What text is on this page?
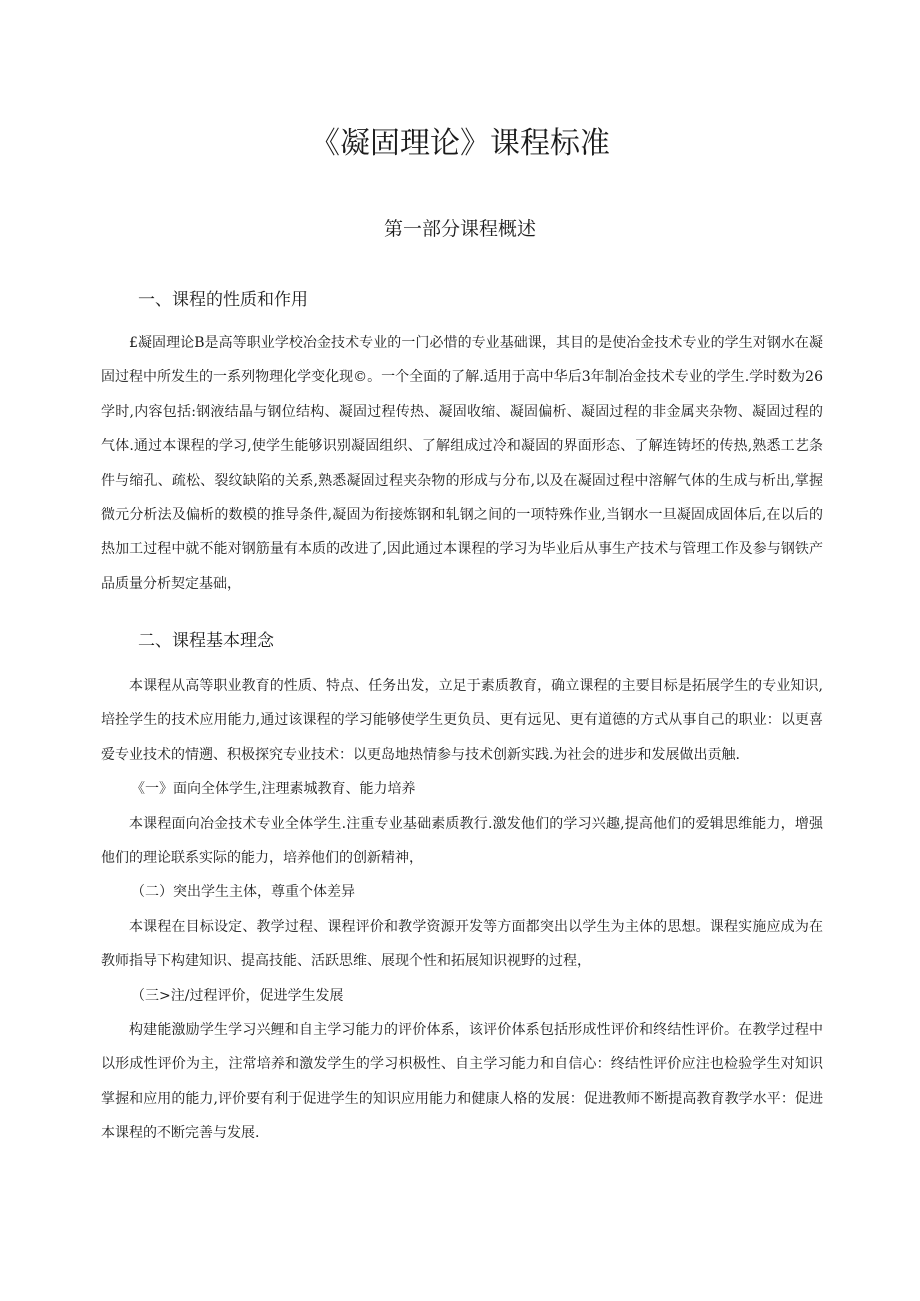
《凝固理论》课程标准
第一部分课程概述
一、课程的性质和作用

£凝固理论B是高等职业学校冶金技术专业的一门必惜的专业基础课，其目的是使冶金技术专业的学生对钢水在凝固过程中所发生的一系列物理化学变化现©。一个全面的了解.适用于高中华后3年制冶金技术专业的学生.学时数为26学时,内容包括:钢液结晶与钢位结构、凝固过程传热、凝固收缩、凝固偏析、凝固过程的非金属夹杂物、凝固过程的气体.通过本课程的学习,使学生能够识别凝固组织、了解组成过冷和凝固的界面形态、了解连铸坯的传热,熟悉工艺条件与缩孔、疏松、裂纹缺陷的关系,熟悉凝固过程夹杂物的形成与分布,以及在凝固过程中溶解气体的生成与析出,掌握微元分析法及偏析的数模的推导条件,凝固为衔接炼钢和轧钢之间的一项特殊作业,当钢水一旦凝固成固体后,在以后的热加工过程中就不能对钢筋量有本质的改进了,因此通过本课程的学习为毕业后从事生产技术与管理工作及参与钢铁产品质量分析契定基础，

二、课程基本理念

本课程从高等职业教育的性质、特点、任务出发，立足于素质教育，确立课程的主要目标是拓展学生的专业知识,培拴学生的技术应用能力,通过该课程的学习能够使学生更负员、更有远见、更有道德的方式从事自己的职业：以更喜爱专业技术的情遡、积极探究专业技术：以更岛地热情参与技术创新实践.为社会的进步和发展做出贡触.

《一》面向全体学生,注理素城教育、能力培养

本课程面向冶金技术专业全体学生.注重专业基础素质教行.激发他们的学习兴趣,提高他们的爱辑思维能力，增强他们的理论联系实际的能力，培养他们的创新精神，

（二）突出学生主体，尊重个体差异

本课程在目标设定、教学过程、课程评价和教学资源开发等方面都突出以学生为主体的思想。课程实施应成为在教师指导下构建知识、提高技能、活跃思维、展现个性和拓展知识视野的过程，

（三>注/过程评价，促进学生发展

构建能激励学生学习兴鲤和自主学习能力的评价体系，该评价体系包括形成性评价和终结性评价。在教学过程中以形成性评价为主，注常培养和激发学生的学习枳极性、自主学习能力和自信心：终结性评价应注也检验学生对知识掌握和应用的能力,评价要有利于促进学生的知识应用能力和健康人格的发展：促进教师不断提高教育教学水平：促进本课程的不断完善与发展.
